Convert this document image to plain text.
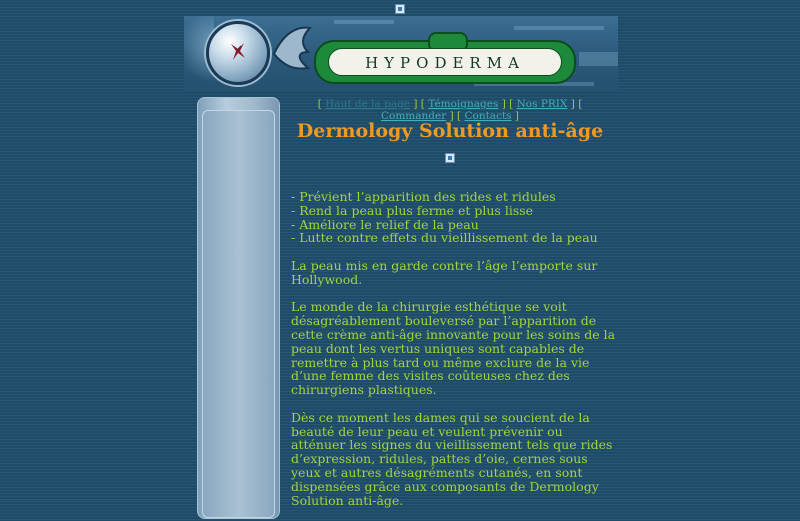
HYPODERMA
[ Haut de la page ] [ Témoignages ] [ Nos PRIX ] [ Commander ] [ Contacts ]
Dermology Solution anti-âge

- Prévient l’apparition des rides et ridules
- Rend la peau plus ferme et plus lisse
- Améliore le relief de la peau
- Lutte contre effets du vieillissement de la peau

La peau mis en garde contre l’âge l’emporte sur Hollywood.

Le monde de la chirurgie esthétique se voit désagréablement bouleversé par l’apparition de cette crème anti-âge innovante pour les soins de la peau dont les vertus uniques sont capables de remettre à plus tard ou même exclure de la vie d’une femme des visites coûteuses chez des chirurgiens plastiques.

Dès ce moment les dames qui se soucient de la beauté de leur peau et veulent prévenir ou atténuer les signes du vieillissement tels que rides d’expression, ridules, pattes d’oie, cernes sous yeux et autres désagréments cutanés, en sont dispensées grâce aux composants de Dermology Solution anti-âge.
